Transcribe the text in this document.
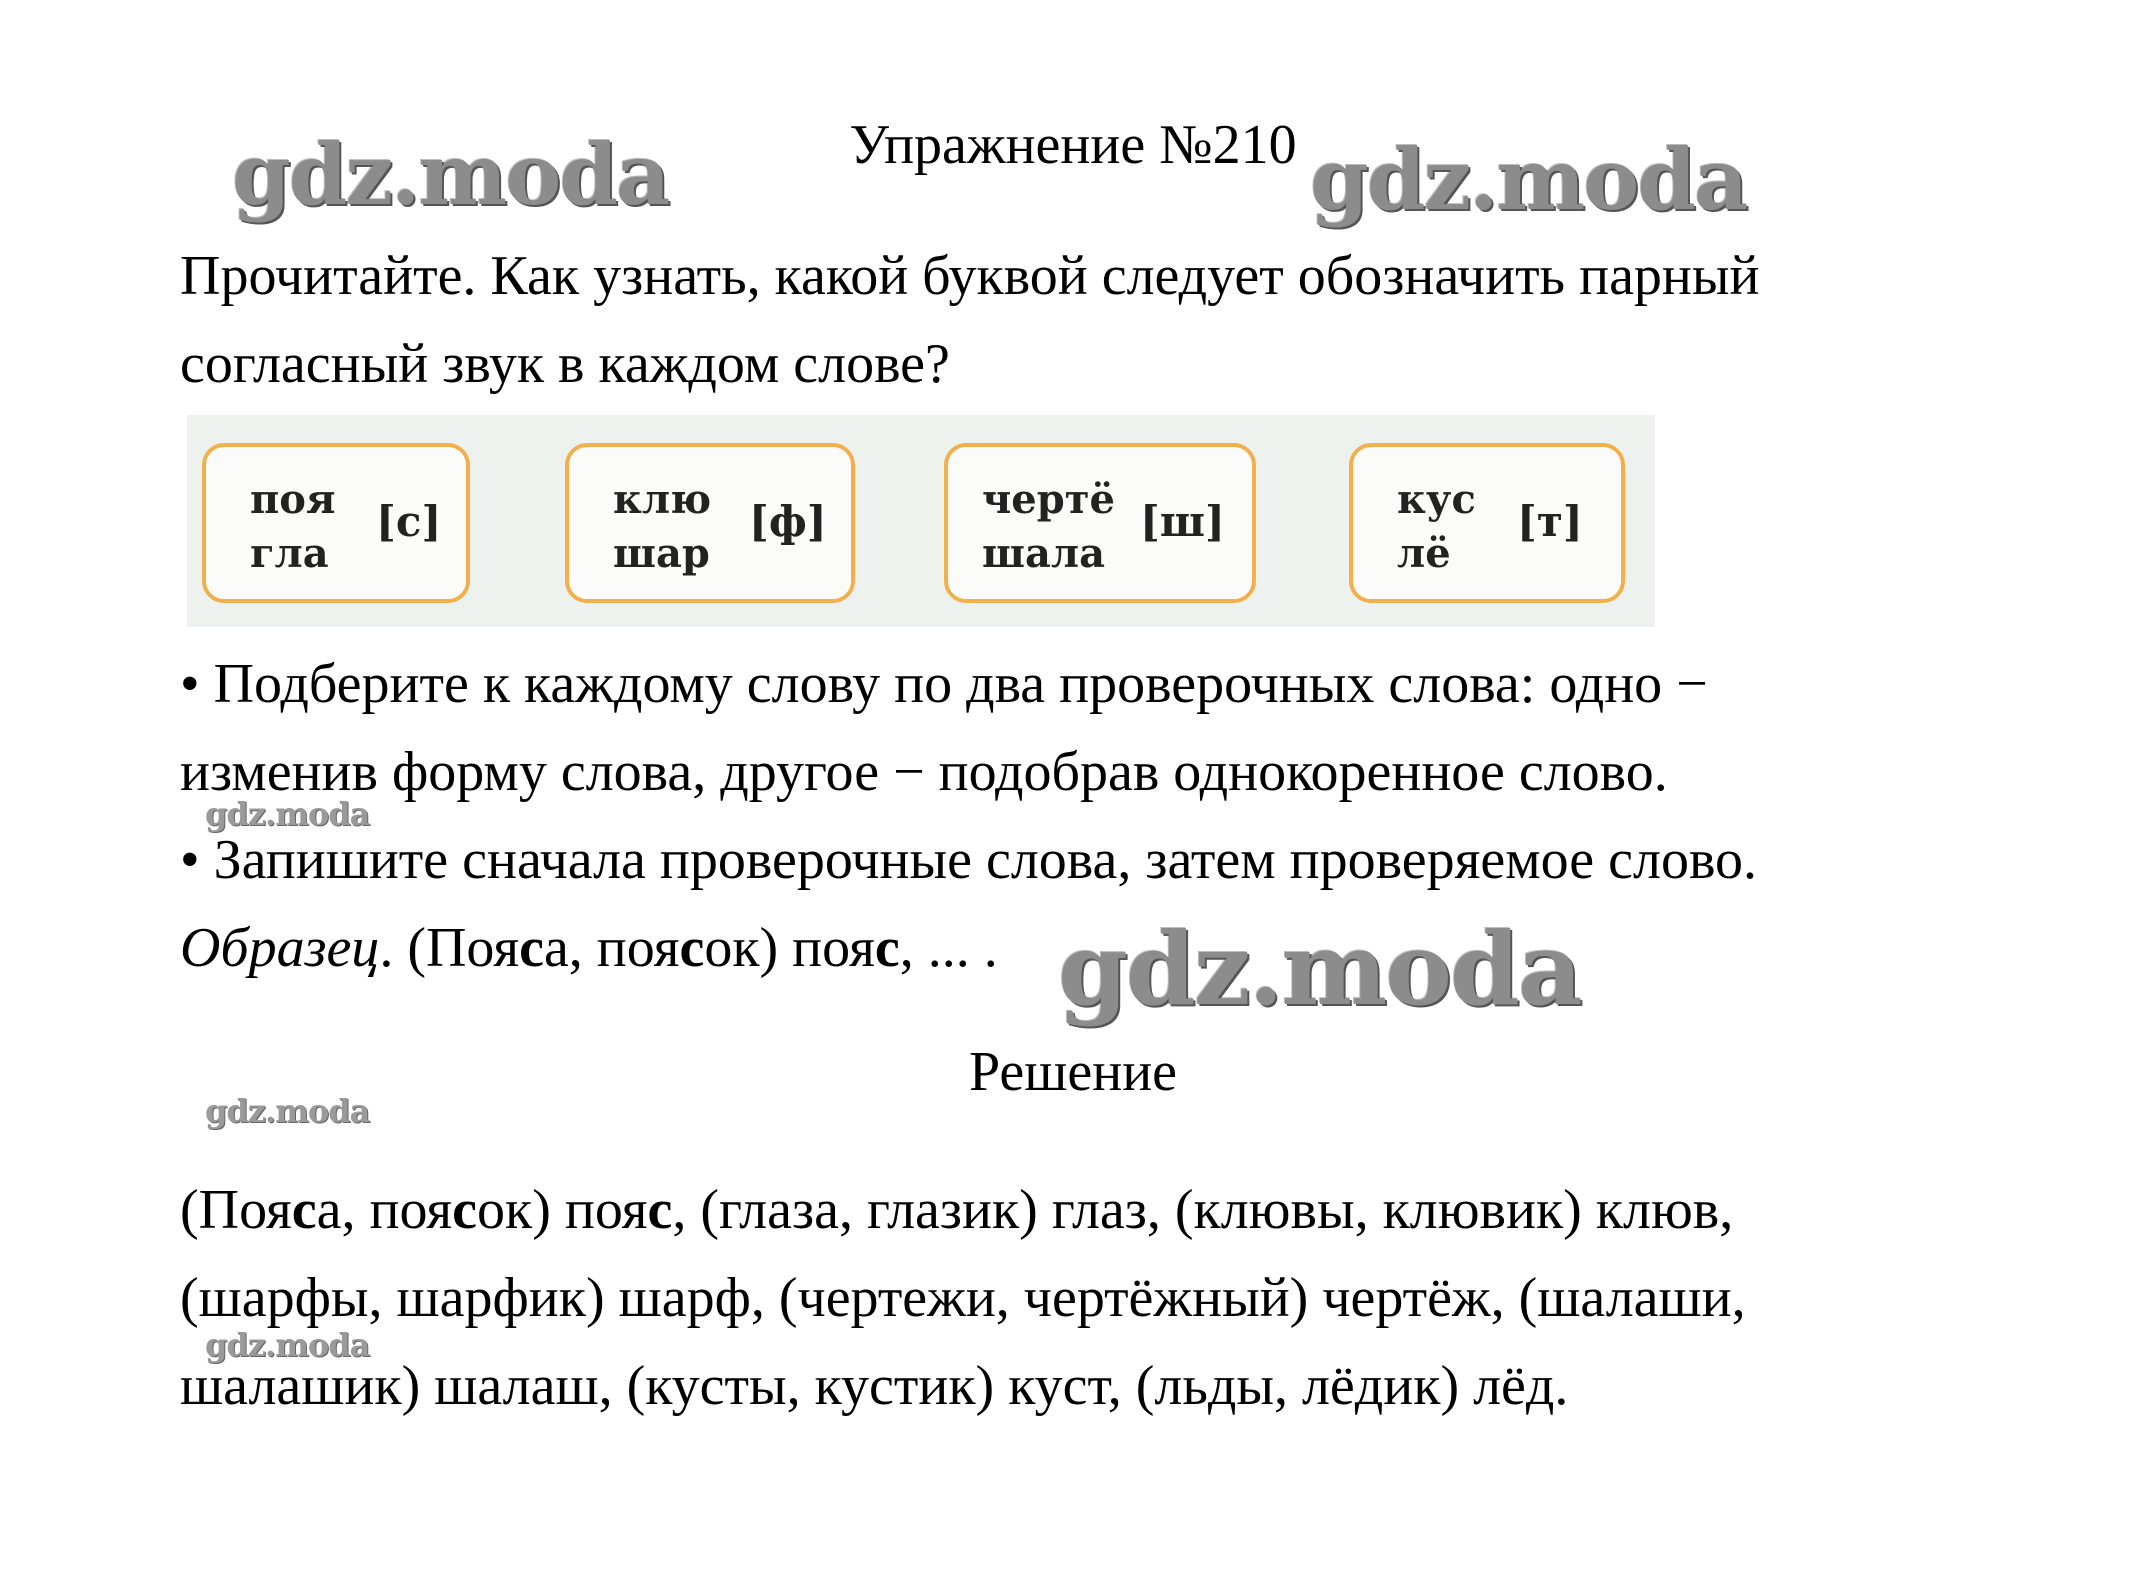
Упражнение №210
gdz.moda	gdz.moda
Прочитайте. Как узнать, какой буквой следует обозначить парный
согласный звук в каждом слове?
поя
гла
[с]	клю
шар
[ф]	чертё
шала
[ш]	кус
лё
[т]
• Подберите к каждому слову по два проверочных слова: одно −
изменив форму слова, другое − подобрав однокоренное слово.
gdz.moda
• Запишите сначала проверочные слова, затем проверяемое слово.
Образец. (Пояса, поясок) пояс, ... . gdz.moda
Решение
gdz.moda
(Пояса, поясок) пояс, (глаза, глазик) глаз, (клювы, клювик) клюв,
(шарфы, шарфик) шарф, (чертежи, чертёжный) чертёж, (шалаши,
gdz.moda
шалашик) шалаш, (кусты, кустик) куст, (льды, лёдик) лёд.
